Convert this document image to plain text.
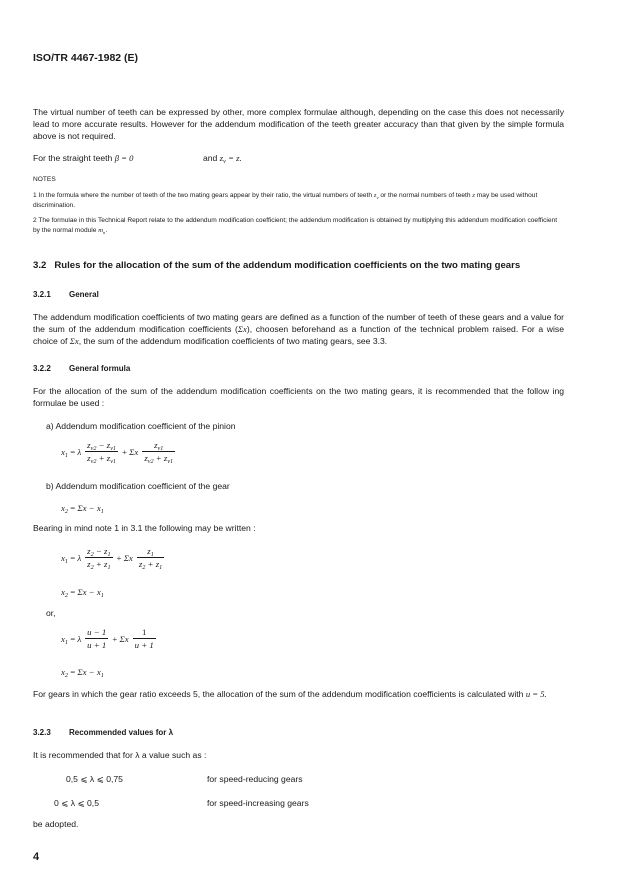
ISO/TR 4467-1982 (E)
The virtual number of teeth can be expressed by other, more complex formulae although, depending on the case this does not necessarily lead to more accurate results. However for the addendum modification of the teeth greater accuracy than that given by the simple formula above is not required.
For the straight teeth β = 0	and $z_v = z$.
NOTES
1 In the formula where the number of teeth of the two mating gears appear by their ratio, the virtual numbers of teeth $z_v$ or the normal numbers of teeth z may be used without discrimination.
2 The formulae in this Technical Report relate to the addendum modification coefficient; the addendum modification is obtained by multiplying this addendum modification coefficient by the normal module $m_n$.
3.2 Rules for the allocation of the sum of the addendum modification coefficients on the two mating gears
3.2.1 General
The addendum modification coefficients of two mating gears are defined as a function of the number of teeth of these gears and a value for the sum of the addendum modification coefficients (Σx), choosen beforehand as a function of the technical problem raised. For a wise choice of Σx, the sum of the addendum modification coefficients of two mating gears, see 3.3.
3.2.2 General formula
For the allocation of the sum of the addendum modification coefficients on the two mating gears, it is recommended that the follow ing formulae be used :
a) Addendum modification coefficient of the pinion
$x_1 = \lambda \frac{z_{v2} - z_{v1}}{z_{v2} + z_{v1}} + \Sigma x \frac{z_{v1}}{z_{v2} + z_{v1}}$
b) Addendum modification coefficient of the gear
$x_2 = \Sigma x - x_1$
Bearing in mind note 1 in 3.1 the following may be written :
$x_1 = \lambda \frac{z_2 - z_1}{z_2 + z_1} + \Sigma x \frac{z_1}{z_2 + z_1}$
$x_2 = \Sigma x - x_1$
or,
$x_1 = \lambda \frac{u - 1}{u + 1} + \Sigma x \frac{1}{u + 1}$
$x_2 = \Sigma x - x_1$
For gears in which the gear ratio exceeds 5, the allocation of the sum of the addendum modification coefficients is calculated with u = 5.
3.2.3 Recommended values for λ
It is recommended that for λ a value such as :
0,5 ⩽ λ ⩽ 0,75	for speed-reducing gears
0 ⩽ λ ⩽ 0,5	for speed-increasing gears
be adopted.
4
